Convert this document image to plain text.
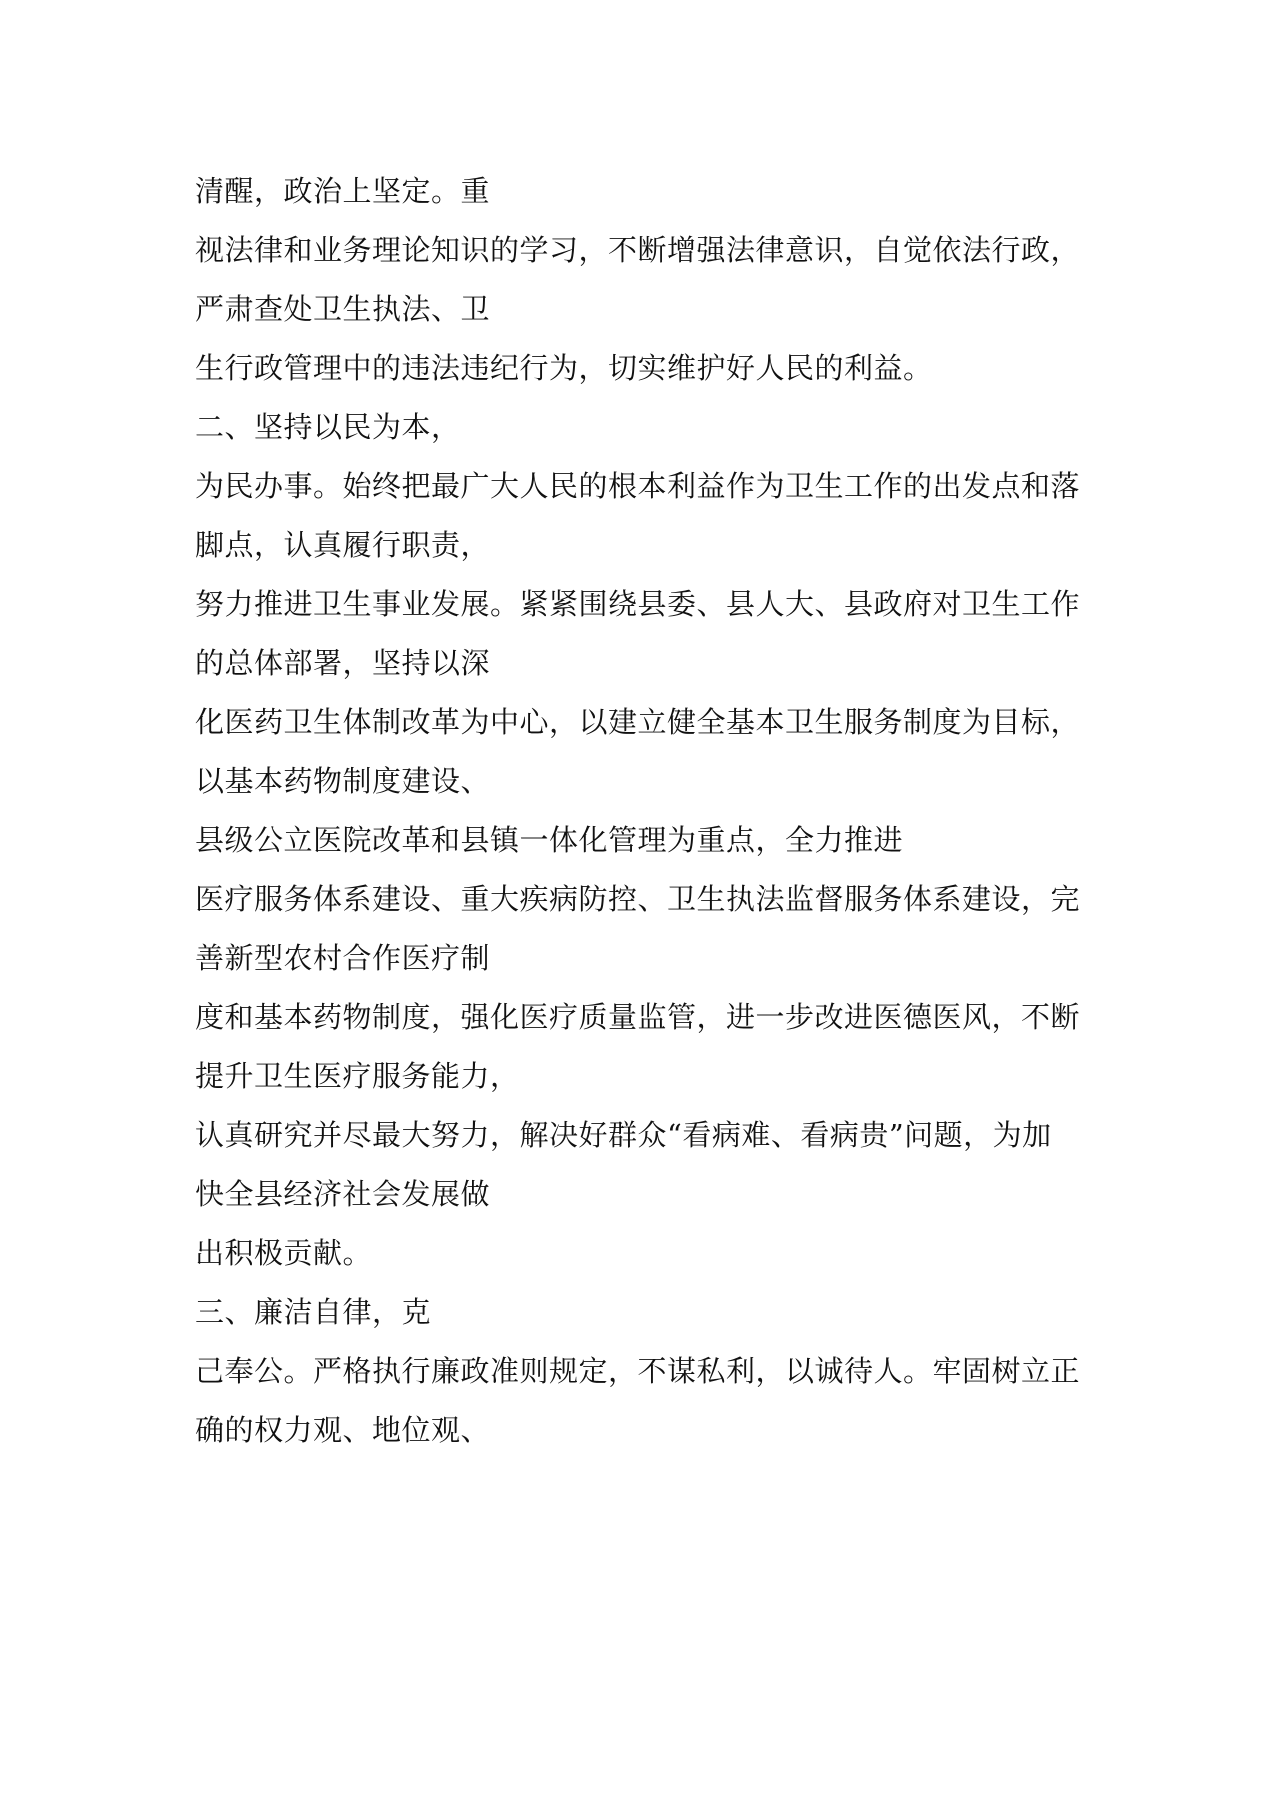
清醒，政治上坚定。重
视法律和业务理论知识的学习，不断增强法律意识，自觉依法行政，
严肃查处卫生执法、卫
生行政管理中的违法违纪行为，切实维护好人民的利益。
二、坚持以民为本，
为民办事。始终把最广大人民的根本利益作为卫生工作的出发点和落
脚点，认真履行职责，
努力推进卫生事业发展。紧紧围绕县委、县人大、县政府对卫生工作
的总体部署，坚持以深
化医药卫生体制改革为中心，以建立健全基本卫生服务制度为目标，
以基本药物制度建设、
县级公立医院改革和县镇一体化管理为重点，全力推进
医疗服务体系建设、重大疾病防控、卫生执法监督服务体系建设，完
善新型农村合作医疗制
度和基本药物制度，强化医疗质量监管，进一步改进医德医风，不断
提升卫生医疗服务能力，
认真研究并尽最大努力，解决好群众“看病难、看病贵”问题，为加
快全县经济社会发展做
出积极贡献。
三、廉洁自律，克
己奉公。严格执行廉政准则规定，不谋私利，以诚待人。牢固树立正
确的权力观、地位观、
